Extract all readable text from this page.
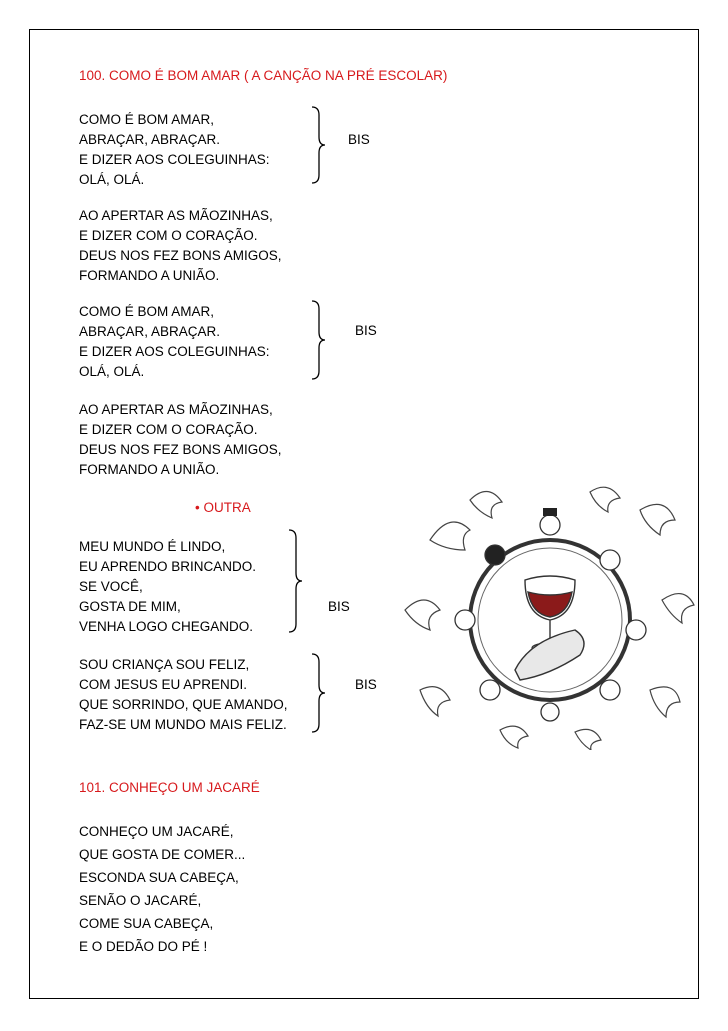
100. COMO É BOM AMAR ( A CANÇÃO NA PRÉ ESCOLAR)
COMO É BOM AMAR,
ABRAÇAR, ABRAÇAR.
E DIZER AOS COLEGUINHAS:
OLÁ, OLÁ.
BIS
AO APERTAR AS MÃOZINHAS,
E DIZER COM O CORAÇÃO.
DEUS NOS FEZ BONS AMIGOS,
FORMANDO A UNIÃO.
COMO É BOM AMAR,
ABRAÇAR, ABRAÇAR.
E DIZER AOS COLEGUINHAS:
OLÁ, OLÁ.
BIS
AO APERTAR AS MÃOZINHAS,
E DIZER COM O CORAÇÃO.
DEUS NOS FEZ BONS AMIGOS,
FORMANDO A UNIÃO.
• OUTRA
MEU MUNDO É LINDO,
EU APRENDO BRINCANDO.
SE VOCÊ,
GOSTA DE MIM,
VENHA LOGO CHEGANDO.
BIS
SOU CRIANÇA SOU FELIZ,
COM JESUS EU APRENDI.
QUE SORRINDO, QUE AMANDO,
FAZ-SE UM MUNDO MAIS FELIZ.
BIS
101. CONHEÇO UM JACARÉ
CONHEÇO UM JACARÉ,
QUE GOSTA DE COMER...
ESCONDA SUA CABEÇA,
SENÃO O JACARÉ,
COME SUA CABEÇA,
E O DEDÃO DO PÉ !
